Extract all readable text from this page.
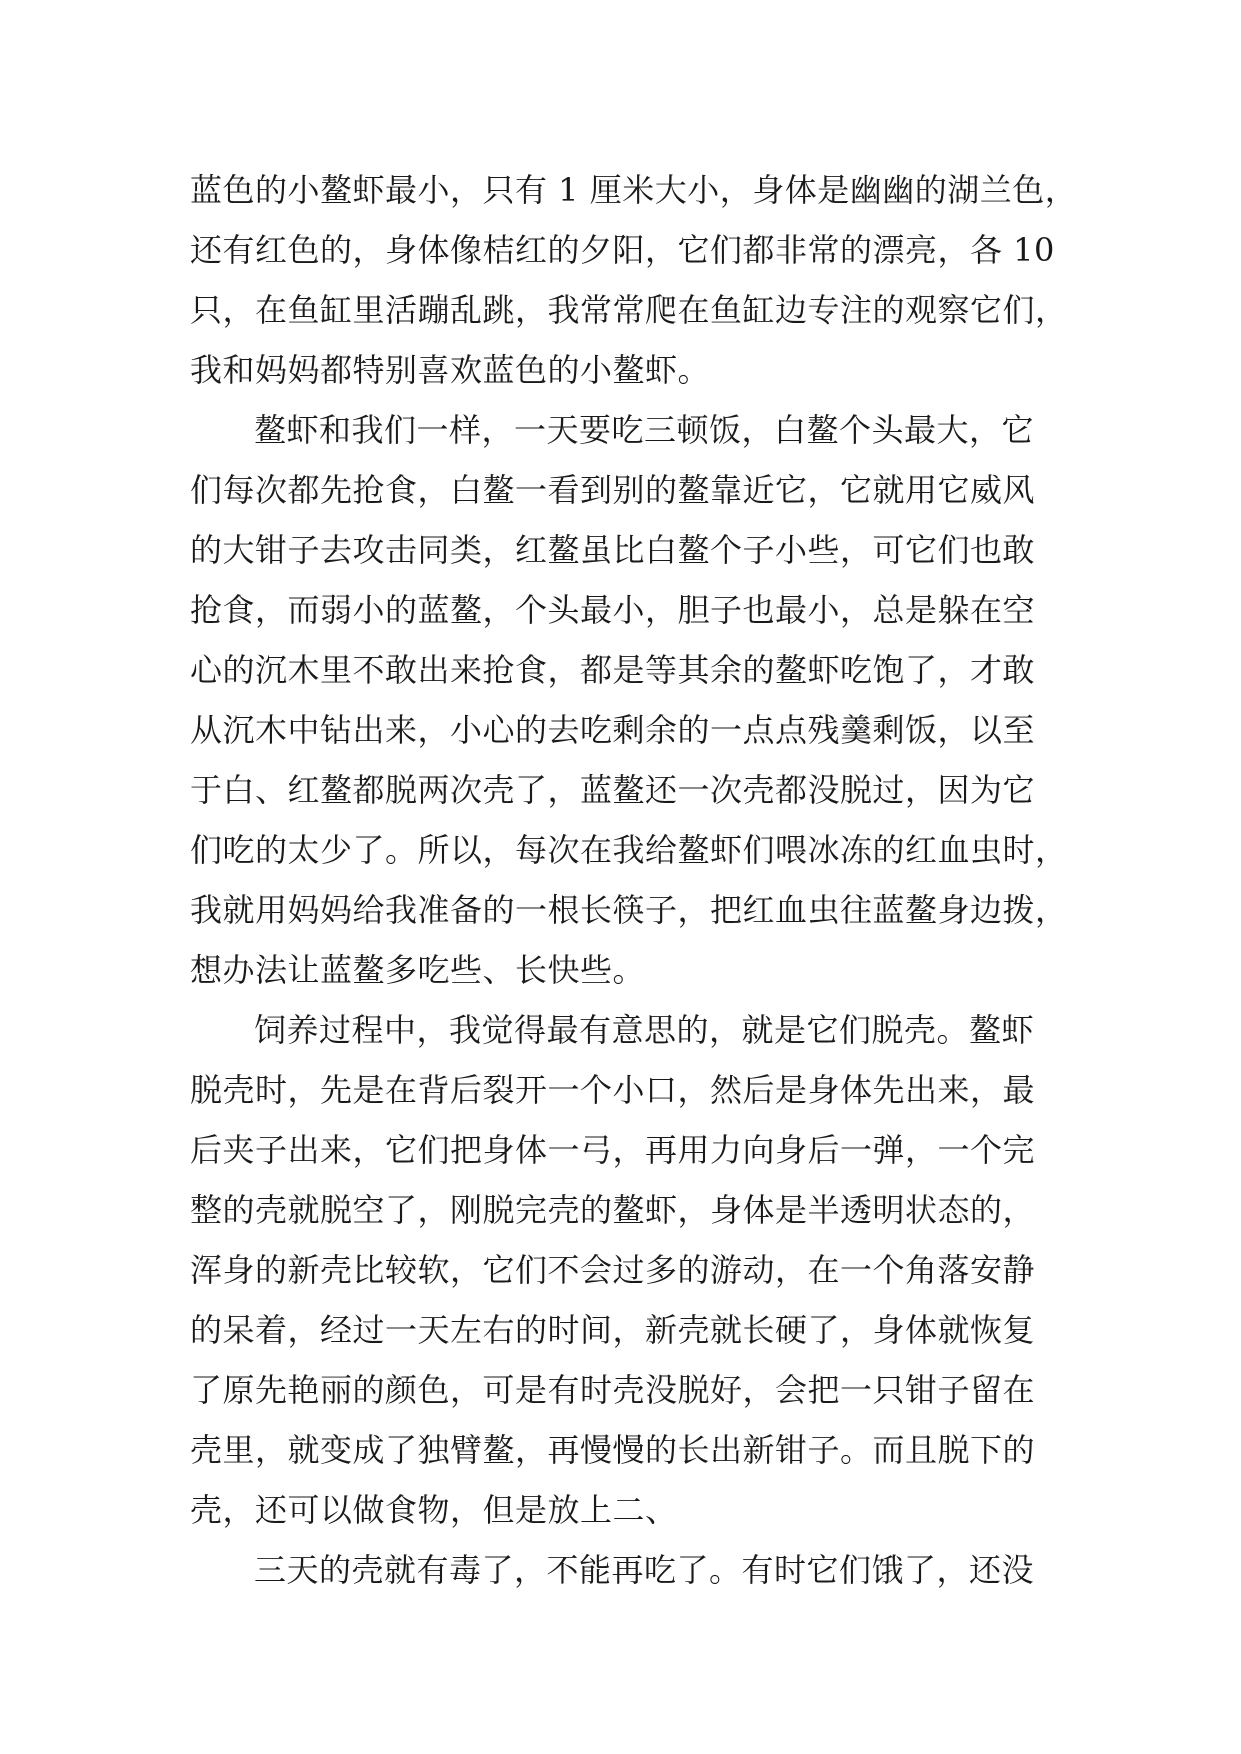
蓝色的小鳌虾最小，只有 1 厘米大小，身体是幽幽的湖兰色，
还有红色的，身体像桔红的夕阳，它们都非常的漂亮，各 10
只，在鱼缸里活蹦乱跳，我常常爬在鱼缸边专注的观察它们，
我和妈妈都特别喜欢蓝色的小鳌虾。
鳌虾和我们一样，一天要吃三顿饭，白鳌个头最大，它
们每次都先抢食，白鳌一看到别的鳌靠近它，它就用它威风
的大钳子去攻击同类，红鳌虽比白鳌个子小些，可它们也敢
抢食，而弱小的蓝鳌，个头最小，胆子也最小，总是躲在空
心的沉木里不敢出来抢食，都是等其余的鳌虾吃饱了，才敢
从沉木中钻出来，小心的去吃剩余的一点点残羹剩饭，以至
于白、红鳌都脱两次壳了，蓝鳌还一次壳都没脱过，因为它
们吃的太少了。所以，每次在我给鳌虾们喂冰冻的红血虫时，
我就用妈妈给我准备的一根长筷子，把红血虫往蓝鳌身边拨，
想办法让蓝鳌多吃些、长快些。
饲养过程中，我觉得最有意思的，就是它们脱壳。鳌虾
脱壳时，先是在背后裂开一个小口，然后是身体先出来，最
后夹子出来，它们把身体一弓，再用力向身后一弹，一个完
整的壳就脱空了，刚脱完壳的鳌虾，身体是半透明状态的，
浑身的新壳比较软，它们不会过多的游动，在一个角落安静
的呆着，经过一天左右的时间，新壳就长硬了，身体就恢复
了原先艳丽的颜色，可是有时壳没脱好，会把一只钳子留在
壳里，就变成了独臂鳌，再慢慢的长出新钳子。而且脱下的
壳，还可以做食物，但是放上二、
三天的壳就有毒了，不能再吃了。有时它们饿了，还没
